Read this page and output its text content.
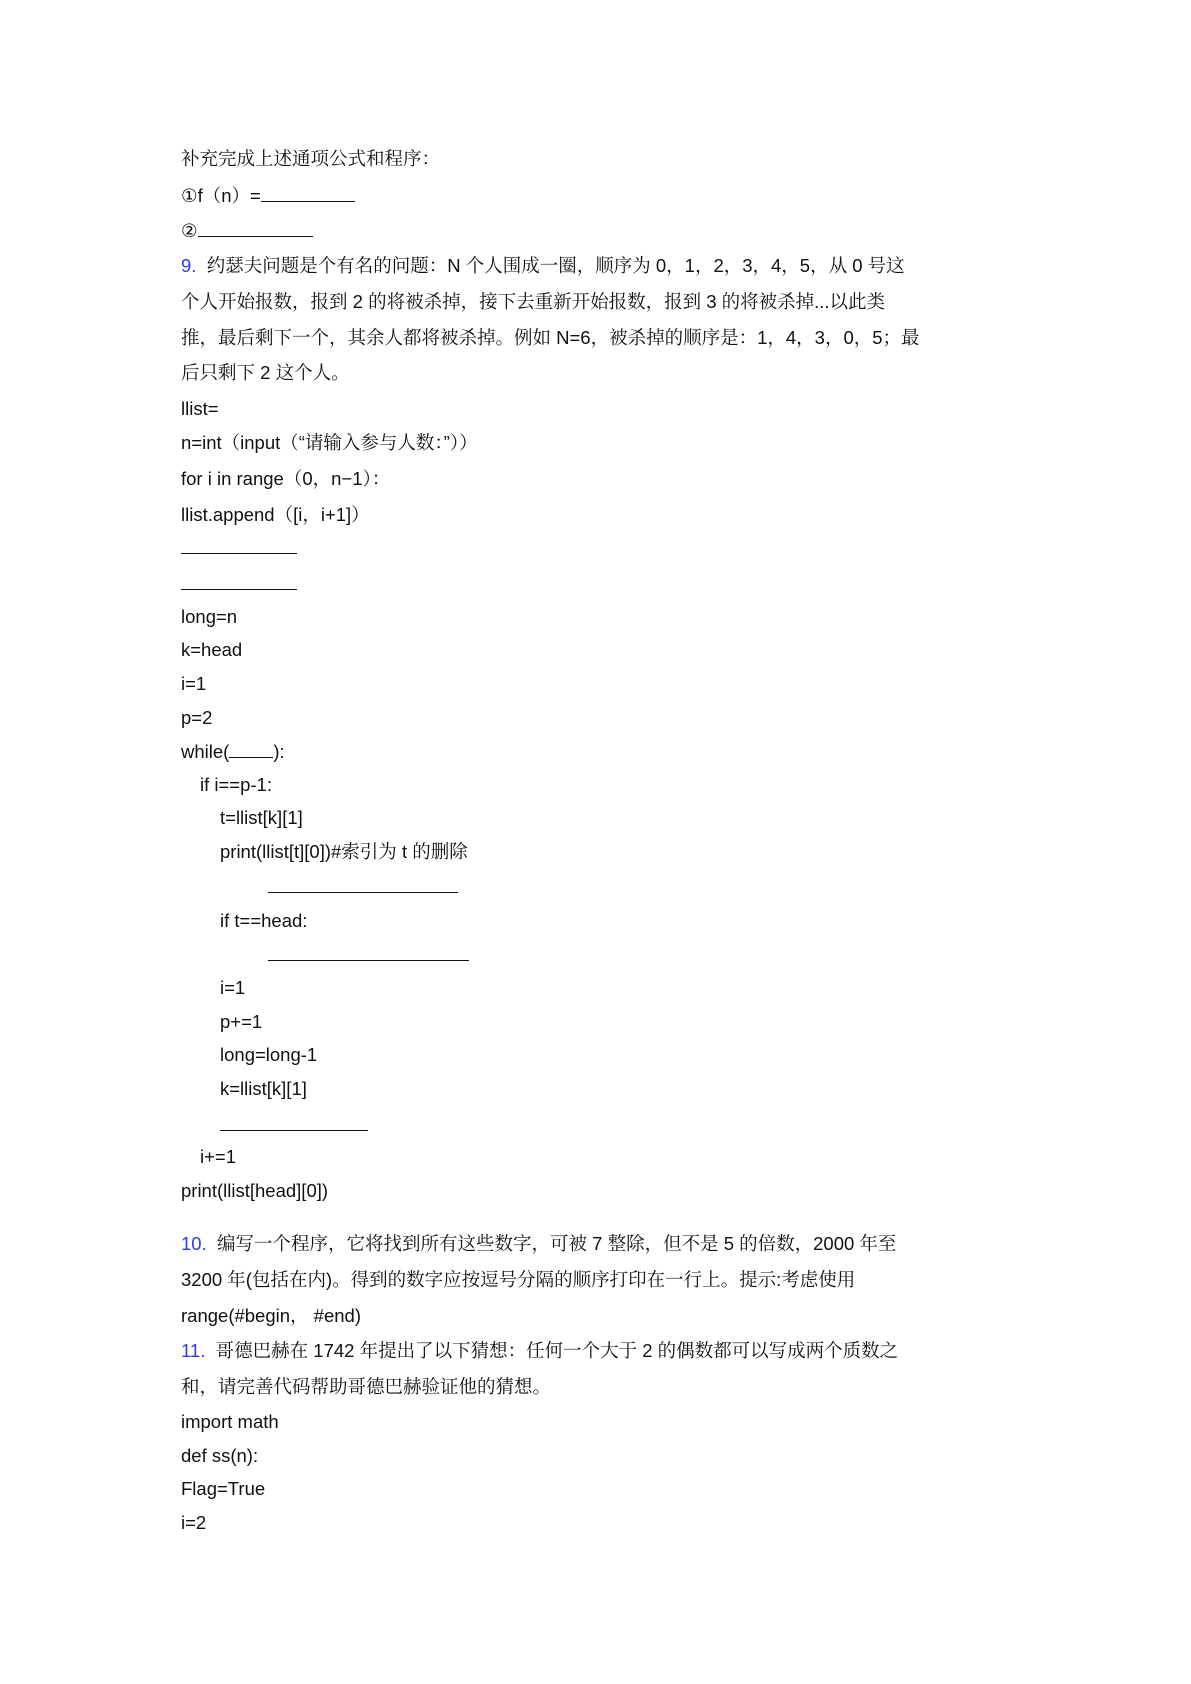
补充完成上述通项公式和程序：
①f（n）=
②
9. 约瑟夫问题是个有名的问题：N 个人围成一圈，顺序为 0，1，2，3，4，5，从 0 号这
个人开始报数，报到 2 的将被杀掉，接下去重新开始报数，报到 3 的将被杀掉...以此类
推，最后剩下一个，其余人都将被杀掉。例如 N=6，被杀掉的顺序是：1，4，3，0，5；最
后只剩下 2 这个人。
llist=
n=int（input（“请输入参与人数：”））
for i in range（0，n−1）：
llist.append（[i，i+1]）
long=n
k=head
i=1
p=2
while( ):
if i==p-1:
t=llist[k][1]
print(llist[t][0])#索引为 t 的删除
if t==head:
i=1
p+=1
long=long-1
k=llist[k][1]
i+=1
print(llist[head][0])
10. 编写一个程序，它将找到所有这些数字，可被 7 整除，但不是 5 的倍数，2000 年至
3200 年(包括在内)。得到的数字应按逗号分隔的顺序打印在一行上。提示:考虑使用
range(#begin， #end)
11. 哥德巴赫在 1742 年提出了以下猜想：任何一个大于 2 的偶数都可以写成两个质数之
和，请完善代码帮助哥德巴赫验证他的猜想。
import math
def ss(n):
Flag=True
i=2
